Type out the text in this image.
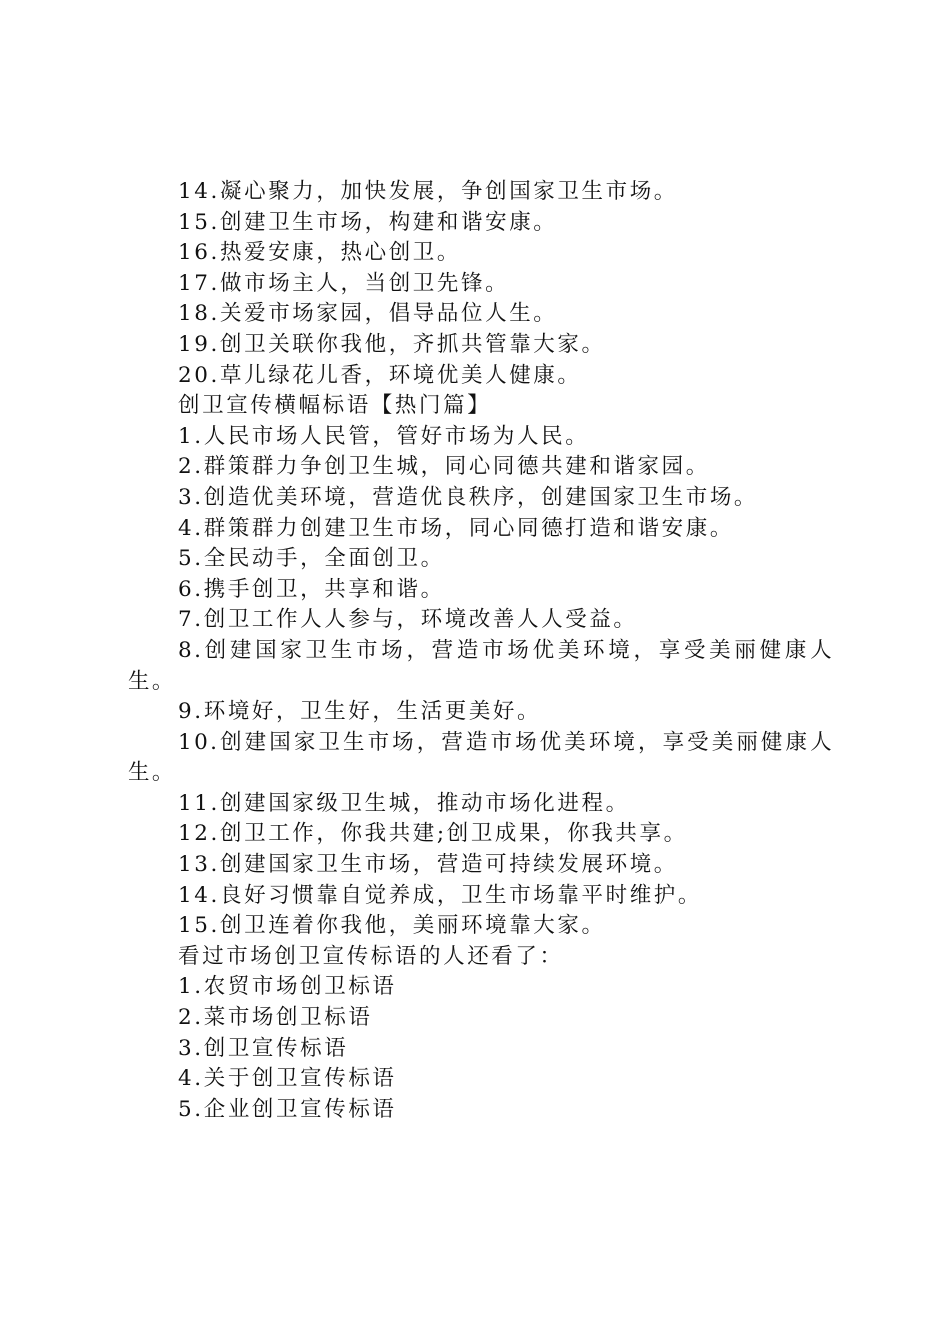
14.凝心聚力，加快发展，争创国家卫生市场。
15.创建卫生市场，构建和谐安康。
16.热爱安康，热心创卫。
17.做市场主人，当创卫先锋。
18.关爱市场家园，倡导品位人生。
19.创卫关联你我他，齐抓共管靠大家。
20.草儿绿花儿香，环境优美人健康。
创卫宣传横幅标语【热门篇】
1.人民市场人民管，管好市场为人民。
2.群策群力争创卫生城，同心同德共建和谐家园。
3.创造优美环境，营造优良秩序，创建国家卫生市场。
4.群策群力创建卫生市场，同心同德打造和谐安康。
5.全民动手，全面创卫。
6.携手创卫，共享和谐。
7.创卫工作人人参与，环境改善人人受益。
8.创建国家卫生市场，营造市场优美环境，享受美丽健康人生。
9.环境好，卫生好，生活更美好。
10.创建国家卫生市场，营造市场优美环境，享受美丽健康人生。
11.创建国家级卫生城，推动市场化进程。
12.创卫工作，你我共建;创卫成果，你我共享。
13.创建国家卫生市场，营造可持续发展环境。
14.良好习惯靠自觉养成，卫生市场靠平时维护。
15.创卫连着你我他，美丽环境靠大家。
看过市场创卫宣传标语的人还看了：
1.农贸市场创卫标语
2.菜市场创卫标语
3.创卫宣传标语
4.关于创卫宣传标语
5.企业创卫宣传标语
